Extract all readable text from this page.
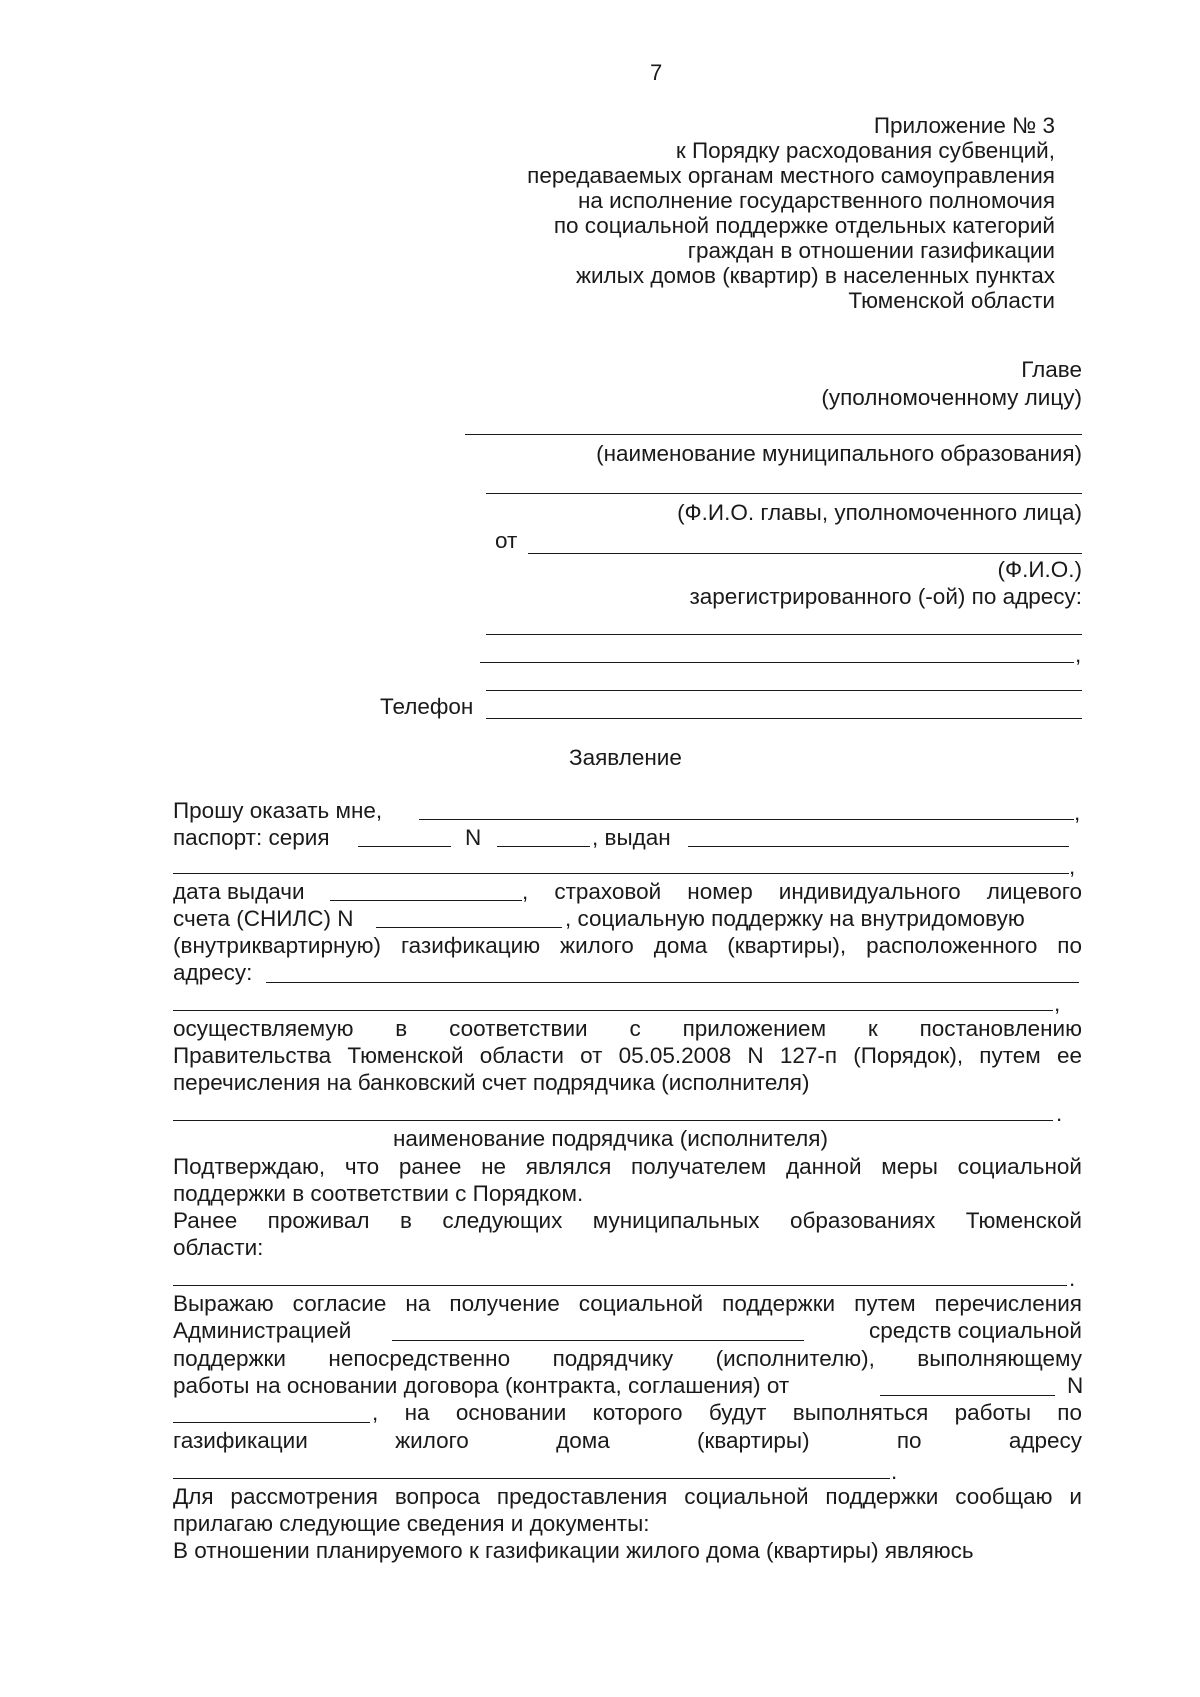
7
Приложение № 3
к Порядку расходования субвенций,
передаваемых органам местного самоуправления
на исполнение государственного полномочия
по социальной поддержке отдельных категорий
граждан в отношении газификации
жилых домов (квартир) в населенных пунктах
Тюменской области
Главе
(уполномоченному лицу)
(наименование муниципального образования)
(Ф.И.О. главы, уполномоченного лица)
от
(Ф.И.О.)
зарегистрированного (-ой) по адресу:
,
Телефон
Заявление
Прошу оказать мне,	,
паспорт: серия	N	, выдан
,
дата выдачи	, страховой номер индивидуального лицевого
счета (СНИЛС) N	, социальную поддержку на внутридомовую
(внутриквартирную) газификацию жилого дома (квартиры), расположенного по
адресу:
,
осуществляемую в соответствии с приложением к постановлению
Правительства Тюменской области от 05.05.2008 N 127-п (Порядок), путем ее
перечисления на банковский счет подрядчика (исполнителя)
.
наименование подрядчика (исполнителя)
Подтверждаю, что ранее не являлся получателем данной меры социальной
поддержки в соответствии с Порядком.
Ранее проживал в следующих муниципальных образованиях Тюменской
области:
.
Выражаю согласие на получение социальной поддержки путем перечисления
Администрацией	средств социальной
поддержки непосредственно подрядчику (исполнителю), выполняющему
работы на основании договора (контракта, соглашения) от	N
, на основании которого будут выполняться работы по
газификации жилого дома (квартиры) по адресу
.
Для рассмотрения вопроса предоставления социальной поддержки сообщаю и
прилагаю следующие сведения и документы:
В отношении планируемого к газификации жилого дома (квартиры) являюсь
